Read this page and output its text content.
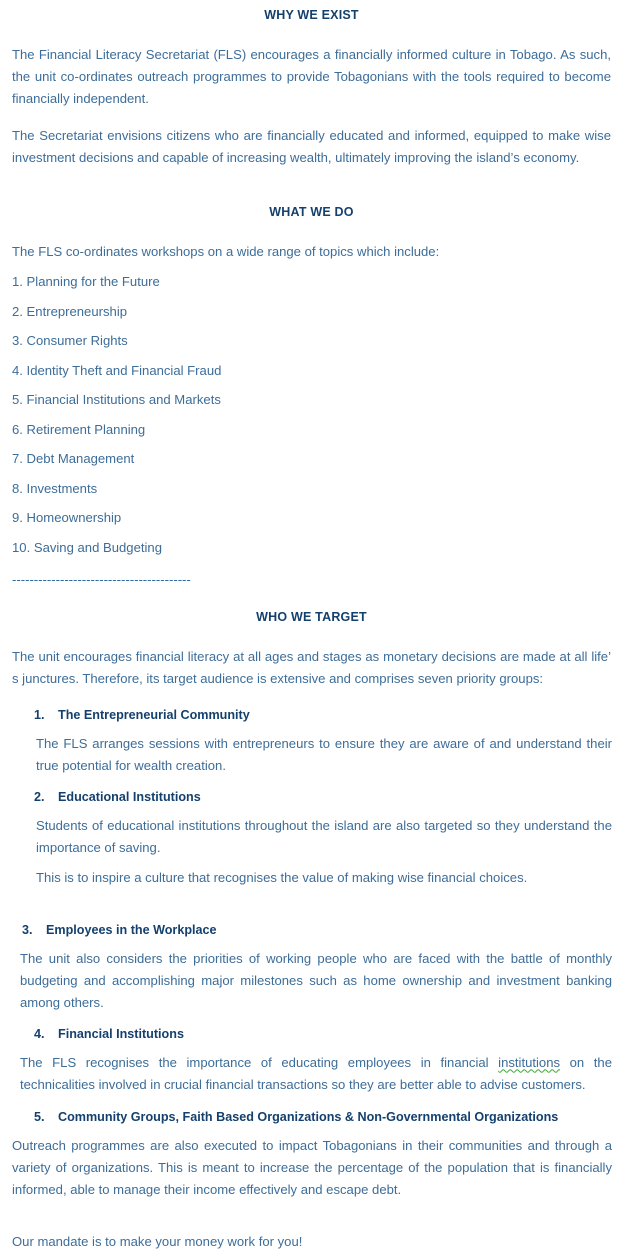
WHY WE EXIST

The Financial Literacy Secretariat (FLS) encourages a financially informed culture in Tobago. As such, the unit co-ordinates outreach programmes to provide Tobagonians with the tools required to become financially independent.

The Secretariat envisions citizens who are financially educated and informed, equipped to make wise investment decisions and capable of increasing wealth, ultimately improving the island’s economy.

WHAT WE DO

The FLS co-ordinates workshops on a wide range of topics which include:

1. Planning for the Future
2. Entrepreneurship
3. Consumer Rights
4. Identity Theft and Financial Fraud
5. Financial Institutions and Markets
6. Retirement Planning
7. Debt Management
8. Investments
9. Homeownership
10. Saving and Budgeting
-----------------------------------------
WHO WE TARGET

The unit encourages financial literacy at all ages and stages as monetary decisions are made at all life’ s junctures. Therefore, its target audience is extensive and comprises seven priority groups:

1.	The Entrepreneurial Community

The FLS arranges sessions with entrepreneurs to ensure they are aware of and understand their true potential for wealth creation.

2.	Educational Institutions

Students of educational institutions throughout the island are also targeted so they understand the importance of saving.

This is to inspire a culture that recognises the value of making wise financial choices.

3.	Employees in the Workplace

The unit also considers the priorities of working people who are faced with the battle of monthly budgeting and accomplishing major milestones such as home ownership and investment banking among others.

4.	Financial Institutions

The FLS recognises the importance of educating employees in financial institutions on the technicalities involved in crucial financial transactions so they are better able to advise customers.

5.	Community Groups, Faith Based Organizations & Non-Governmental Organizations

Outreach programmes are also executed to impact Tobagonians in their communities and through a variety of organizations. This is meant to increase the percentage of the population that is financially informed, able to manage their income effectively and escape debt.

Our mandate is to make your money work for you!
